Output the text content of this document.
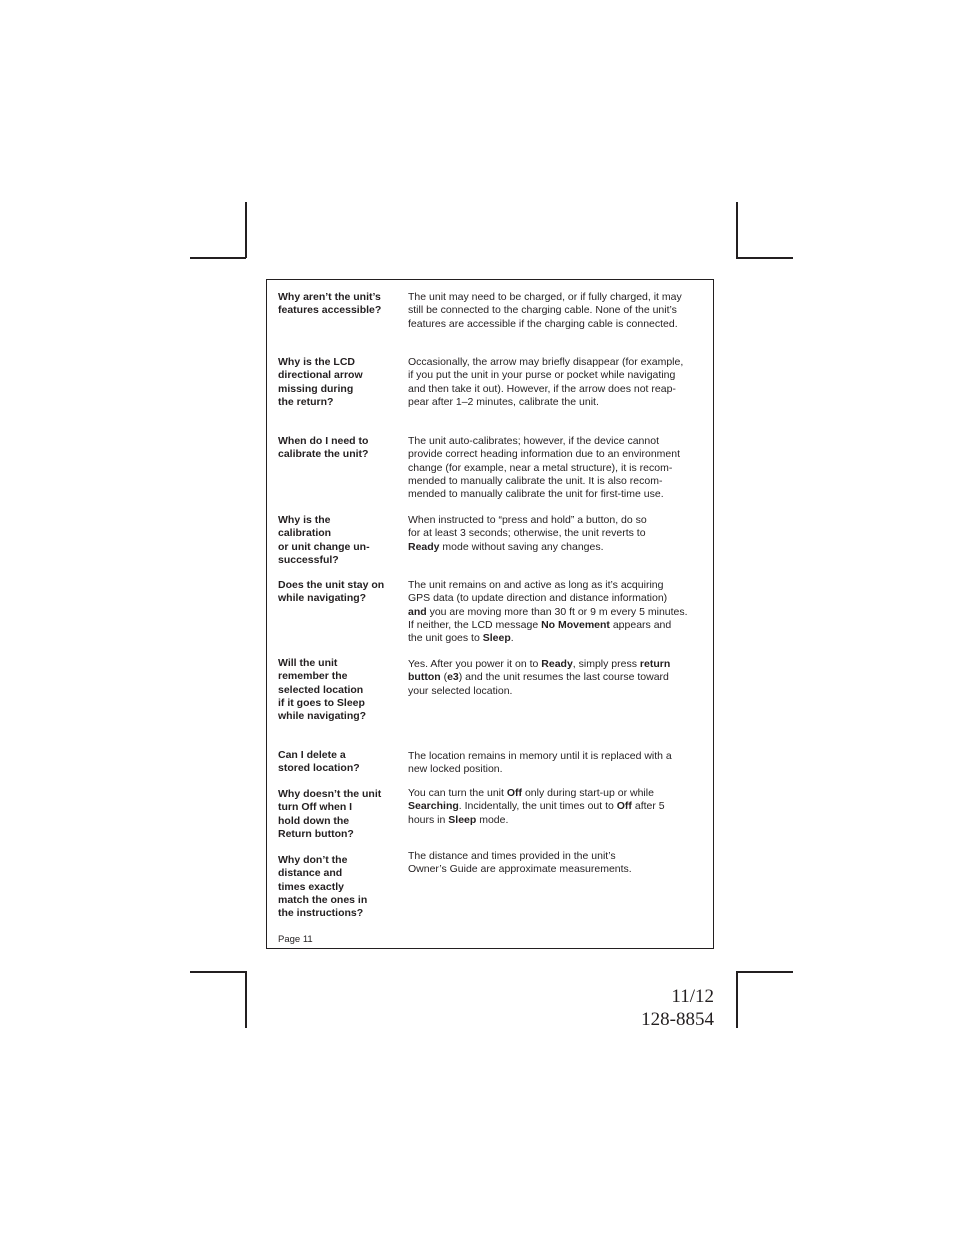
Why aren’t the unit’s
features accessible?
The unit may need to be charged, or if fully charged, it may
still be connected to the charging cable. None of the unit’s
features are accessible if the charging cable is connected.
Why is the LCD
directional arrow
missing during
the return?
Occasionally, the arrow may briefly disappear (for example,
if you put the unit in your purse or pocket while navigating
and then take it out). However, if the arrow does not reap-
pear after 1–2 minutes, calibrate the unit.
When do I need to
calibrate the unit?
The unit auto-calibrates; however, if the device cannot
provide correct heading information due to an environment
change (for example, near a metal structure), it is recom-
mended to manually calibrate the unit. It is also recom-
mended to manually calibrate the unit for first-time use.
Why is the
calibration
or unit change un-
successful?
When instructed to “press and hold” a button, do so
for at least 3 seconds; otherwise, the unit reverts to
Ready mode without saving any changes.
Does the unit stay on
while navigating?
The unit remains on and active as long as it’s acquiring
GPS data (to update direction and distance information)
and you are moving more than 30 ft or 9 m every 5 minutes.
If neither, the LCD message No Movement appears and
the unit goes to Sleep.
Will the unit
remember the
selected location
if it goes to Sleep
while navigating?
Yes. After you power it on to Ready, simply press return
button (e3) and the unit resumes the last course toward
your selected location.
Can I delete a
stored location?
The location remains in memory until it is replaced with a
new locked position.
Why doesn’t the unit
turn Off when I
hold down the
Return button?
You can turn the unit Off only during start-up or while
Searching. Incidentally, the unit times out to Off after 5
hours in Sleep mode.
Why don’t the
distance and
times exactly
match the ones in
the instructions?
The distance and times provided in the unit’s
Owner’s Guide are approximate measurements.
Page 11
11/12
128-8854
